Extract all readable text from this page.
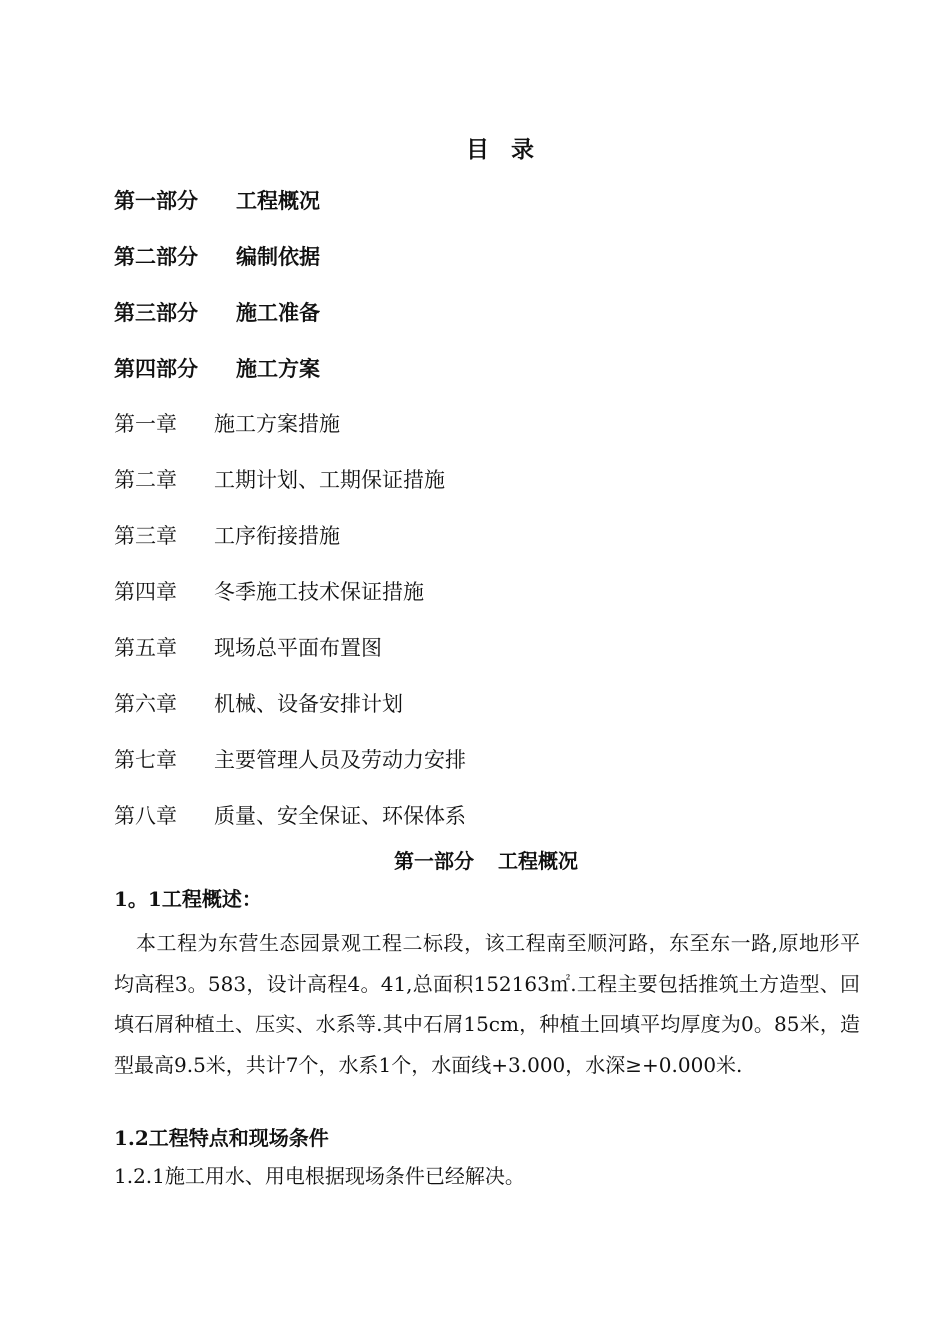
目 录
第一部分 工程概况
第二部分 编制依据
第三部分 施工准备
第四部分 施工方案
第一章 施工方案措施
第二章 工期计划、工期保证措施
第三章 工序衔接措施
第四章 冬季施工技术保证措施
第五章 现场总平面布置图
第六章 机械、设备安排计划
第七章 主要管理人员及劳动力安排
第八章 质量、安全保证、环保体系
第一部分 工程概况
1。1工程概述：
本工程为东营生态园景观工程二标段，该工程南至顺河路，东至东一路,原地形平均高程3。583，设计高程4。41,总面积152163㎡.工程主要包括推筑土方造型、回填石屑种植土、压实、水系等.其中石屑15cm，种植土回填平均厚度为0。85米，造型最高9.5米，共计7个，水系1个，水面线+3.000，水深≥+0.000米.
1.2工程特点和现场条件
1.2.1施工用水、用电根据现场条件已经解决。
